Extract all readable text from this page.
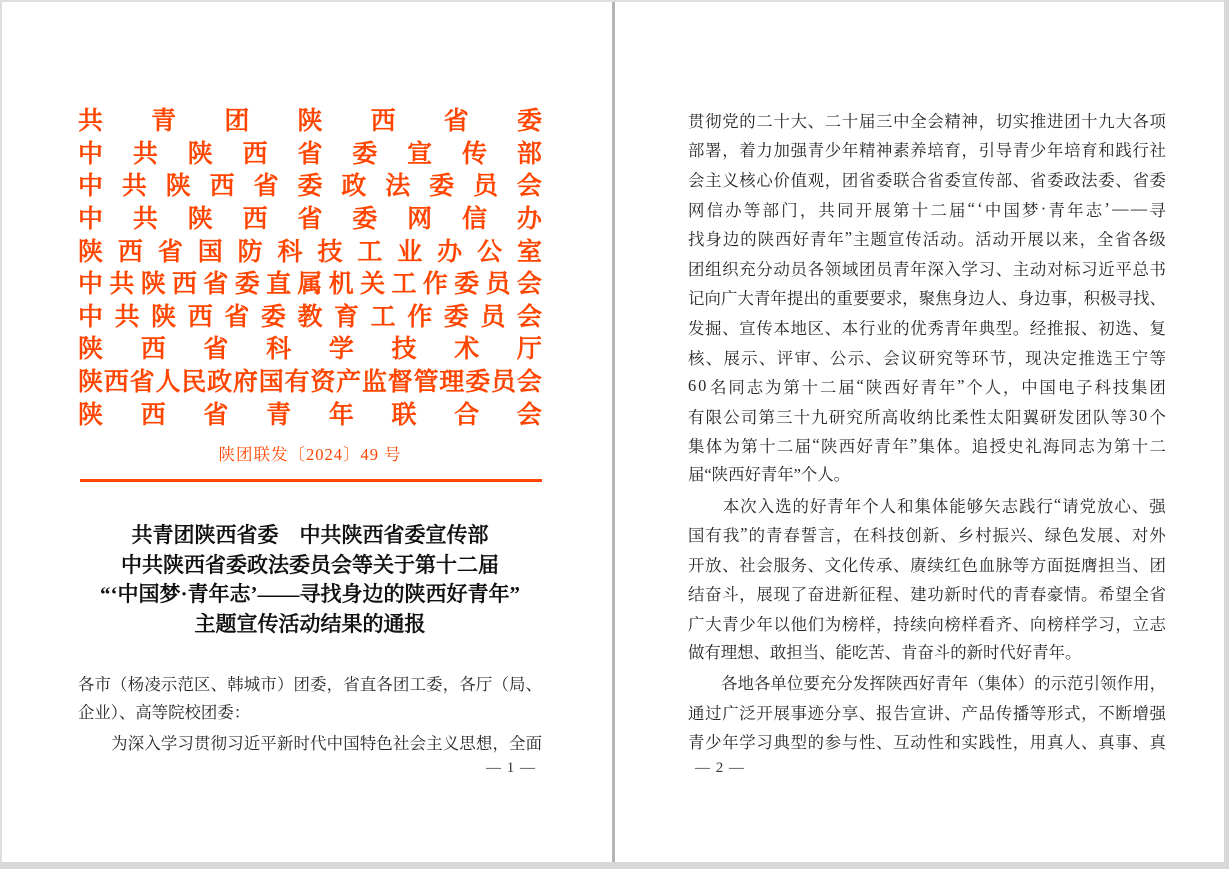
共 青 团 陕 西 省 委
中 共 陕 西 省 委 宣 传 部
中 共 陕 西 省 委 政 法 委 员 会
中 共 陕 西 省 委 网 信 办
陕 西 省 国 防 科 技 工 业 办 公 室
中 共 陕 西 省 委 直 属 机 关 工 作 委 员 会
中 共 陕 西 省 委 教 育 工 作 委 员 会
陕 西 省 科 学 技 术 厅
陕 西 省 人 民 政 府 国 有 资 产 监 督 管 理 委 员 会
陕 西 省 青 年 联 合 会
陕团联发〔2024〕49 号
共青团陕西省委　中共陕西省委宣传部
中共陕西省委政法委员会等关于第十二届
“‘中国梦·青年志’——寻找身边的陕西好青年”
主题宣传活动结果的通报
各 市 （ 杨 凌 示 范 区 、 韩 城 市 ） 团 委 ， 省 直 各 团 工 委 ， 各 厅 （ 局 、
企业）、高等院校团委：

为 深 入 学 习 贯 彻 习 近 平 新 时 代 中 国 特 色 社 会 主 义 思 想 ， 全 面
— 1 —
贯 彻 党 的 二 十 大 、 二 十 届 三 中 全 会 精 神 ， 切 实 推 进 团 十 九 大 各 项
部 署 ， 着 力 加 强 青 少 年 精 神 素 养 培 育 ， 引 导 青 少 年 培 育 和 践 行 社
会 主 义 核 心 价 值 观 ， 团 省 委 联 合 省 委 宣 传 部 、 省 委 政 法 委 、 省 委
网 信 办 等 部 门 ， 共 同 开 展 第 十 二 届 “ ‘ 中 国 梦 · 青 年 志 ’ — — 寻
找 身 边 的 陕 西 好 青 年 ” 主 题 宣 传 活 动 。 活 动 开 展 以 来 ， 全 省 各 级
团 组 织 充 分 动 员 各 领 域 团 员 青 年 深 入 学 习 、 主 动 对 标 习 近 平 总 书
记 向 广 大 青 年 提 出 的 重 要 要 求 ， 聚 焦 身 边 人 、 身 边 事 ， 积 极 寻 找 、
发 掘 、 宣 传 本 地 区 、 本 行 业 的 优 秀 青 年 典 型 。 经 推 报 、 初 选 、 复
核 、 展 示 、 评 审 、 公 示 、 会 议 研 究 等 环 节 ， 现 决 定 推 选 王 宁 等
6 0 名 同 志 为 第 十 二 届 “ 陕 西 好 青 年 ” 个 人 ， 中 国 电 子 科 技 集 团
有 限 公 司 第 三 十 九 研 究 所 高 收 纳 比 柔 性 太 阳 翼 研 发 团 队 等 3 0 个
集 体 为 第 十 二 届 “ 陕 西 好 青 年 ” 集 体 。 追 授 史 礼 海 同 志 为 第 十 二
届“陕西好青年”个人。

本 次 入 选 的 好 青 年 个 人 和 集 体 能 够 矢 志 践 行 “ 请 党 放 心 、 强
国 有 我 ” 的 青 春 誓 言 ， 在 科 技 创 新 、 乡 村 振 兴 、 绿 色 发 展 、 对 外
开 放 、 社 会 服 务 、 文 化 传 承 、 赓 续 红 色 血 脉 等 方 面 挺 膺 担 当 、 团
结 奋 斗 ， 展 现 了 奋 进 新 征 程 、 建 功 新 时 代 的 青 春 豪 情 。 希 望 全 省
广 大 青 少 年 以 他 们 为 榜 样 ， 持 续 向 榜 样 看 齐 、 向 榜 样 学 习 ， 立 志
做有理想、敢担当、能吃苦、肯奋斗的新时代好青年。

各 地 各 单 位 要 充 分 发 挥 陕 西 好 青 年 （ 集 体 ） 的 示 范 引 领 作 用 ，
通 过 广 泛 开 展 事 迹 分 享 、 报 告 宣 讲 、 产 品 传 播 等 形 式 ， 不 断 增 强
青 少 年 学 习 典 型 的 参 与 性 、 互 动 性 和 实 践 性 ， 用 真 人 、 真 事 、 真
— 2 —
